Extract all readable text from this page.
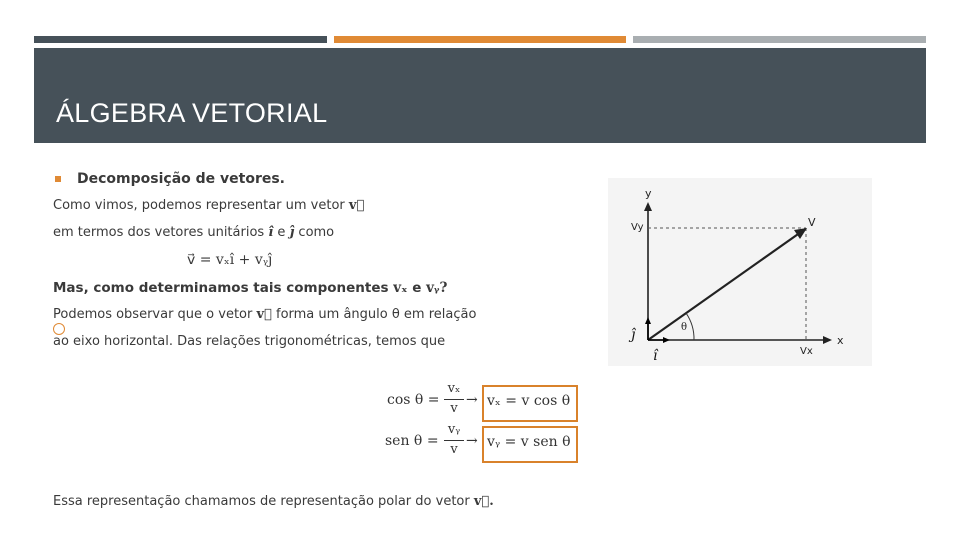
ÁLGEBRA VETORIAL
Decomposição de vetores.
Como vimos, podemos representar um vetor v⃗
em termos dos vetores unitários î e ĵ como
v⃗ = vₓî + vᵧĵ
Mas, como determinamos tais componentes vₓ e vᵧ?
Podemos observar que o vetor v⃗ forma um ângulo θ em relação
ao eixo horizontal. Das relações trigonométricas, temos que
cos θ =
vₓ
v
→ vₓ = v cos θ
sen θ =
vᵧ
v
→ vᵧ = v sen θ
Essa representação chamamos de representação polar do vetor v⃗.
y
x
Vy
Vx
V
θ
ĵ
î
